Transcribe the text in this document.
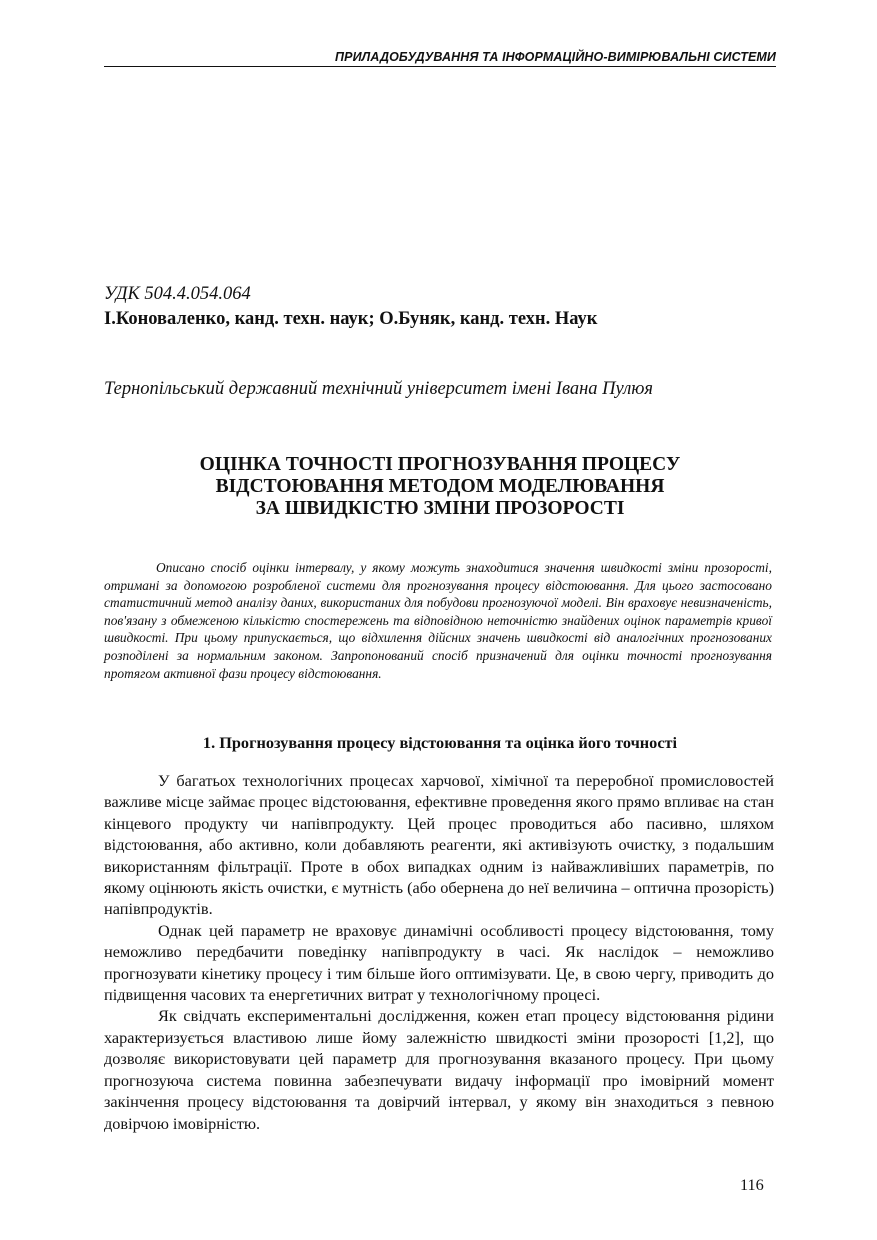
ПРИЛАДОБУДУВАННЯ ТА ІНФОРМАЦІЙНО-ВИМІРЮВАЛЬНІ СИСТЕМИ
УДК 504.4.054.064
І.Коноваленко, канд. техн. наук; О.Буняк, канд. техн. Наук
Тернопільський державний технічний університет імені Івана Пулюя
ОЦІНКА ТОЧНОСТІ ПРОГНОЗУВАННЯ ПРОЦЕСУ
ВІДСТОЮВАННЯ МЕТОДОМ МОДЕЛЮВАННЯ
ЗА ШВИДКІСТЮ ЗМІНИ ПРОЗОРОСТІ

Описано спосіб оцінки інтервалу, у якому можуть знаходитися значення швидкості зміни прозорості, отримані за допомогою розробленої системи для прогнозування процесу відстоювання. Для цього застосовано статистичний метод аналізу даних, використаних для побудови прогнозуючої моделі. Він враховує невизначеність, пов'язану з обмеженою кількістю спостережень та відповідною неточністю знайдених оцінок параметрів кривої швидкості. При цьому припускається, що відхилення дійсних значень швидкості від аналогічних прогнозованих розподілені за нормальним законом. Запропонований спосіб призначений для оцінки точності прогнозування протягом активної фази процесу відстоювання.

1. Прогнозування процесу відстоювання та оцінка його точності

У багатьох технологічних процесах харчової, хімічної та переробної промисловостей важливе місце займає процес відстоювання, ефективне проведення якого прямо впливає на стан кінцевого продукту чи напівпродукту. Цей процес проводиться або пасивно, шляхом відстоювання, або активно, коли добавляють реагенти, які активізують очистку, з подальшим використанням фільтрації. Проте в обох випадках одним із найважливіших параметрів, по якому оцінюють якість очистки, є мутність (або обернена до неї величина – оптична прозорість) напівпродуктів.

Однак цей параметр не враховує динамічні особливості процесу відстоювання, тому неможливо передбачити поведінку напівпродукту в часі. Як наслідок – неможливо прогнозувати кінетику процесу і тим більше його оптимізувати. Це, в свою чергу, приводить до підвищення часових та енергетичних витрат у технологічному процесі.

Як свідчать експериментальні дослідження, кожен етап процесу відстоювання рідини характеризується властивою лише йому залежністю швидкості зміни прозорості [1,2], що дозволяє використовувати цей параметр для прогнозування вказаного процесу. При цьому прогнозуюча система повинна забезпечувати видачу інформації про імовірний момент закінчення процесу відстоювання та довірчий інтервал, у якому він знаходиться з певною довірчою імовірністю.

116
